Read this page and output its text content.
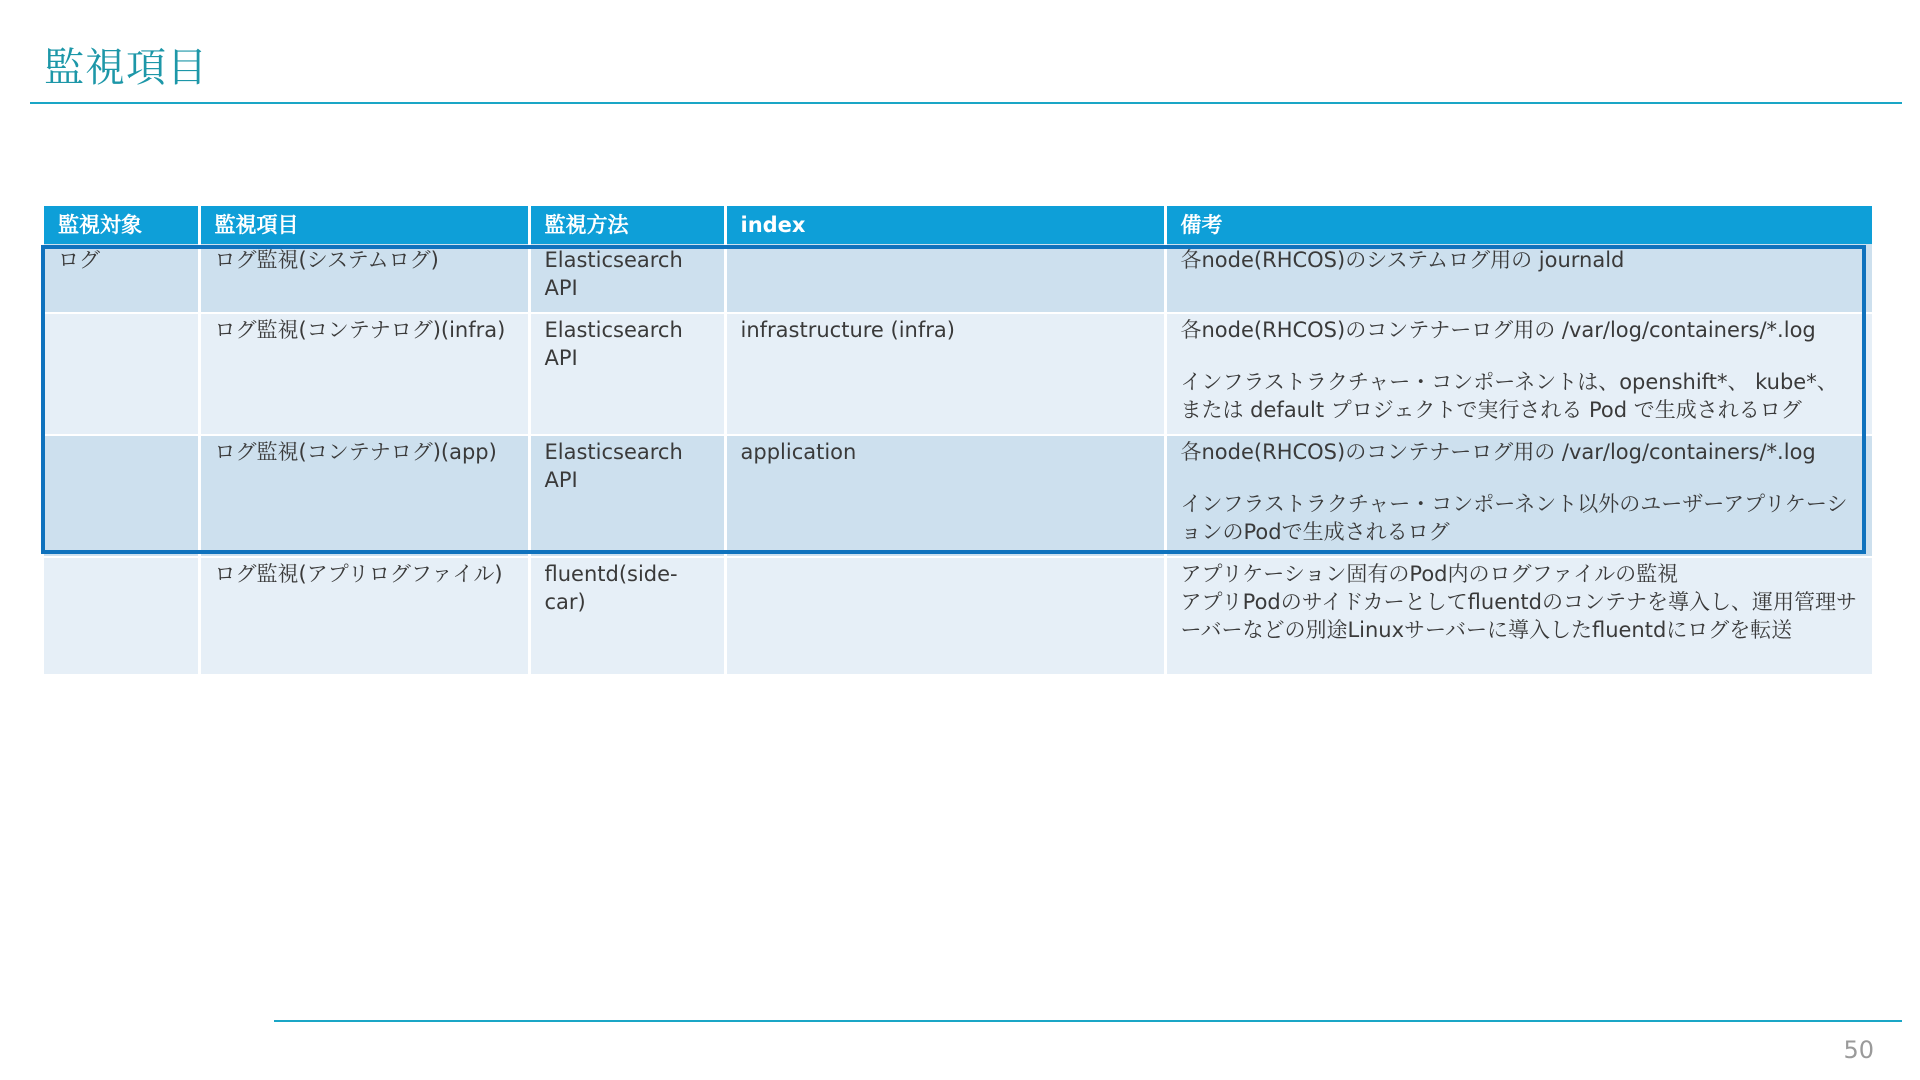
監視項目
監視対象	監視項目	監視方法	index	備考
ログ	ログ監視(システムログ)	Elasticsearch API		各node(RHCOS)のシステムログ用の journald
	ログ監視(コンテナログ)(infra)	Elasticsearch API	infrastructure (infra)	各node(RHCOS)のコンテナーログ用の /var/log/containers/*.log
インフラストラクチャー・コンポーネントは、openshift*、 kube*、または default プロジェクトで実行される Pod で生成されるログ
	ログ監視(コンテナログ)(app)	Elasticsearch API	application	各node(RHCOS)のコンテナーログ用の /var/log/containers/*.log
インフラストラクチャー・コンポーネント以外のユーザーアプリケーションのPodで生成されるログ
	ログ監視(アプリログファイル)	fluentd(side-car)		アプリケーション固有のPod内のログファイルの監視
アプリPodのサイドカーとしてfluentdのコンテナを導入し、運用管理サーバーなどの別途Linuxサーバーに導入したfluentdにログを転送
50
